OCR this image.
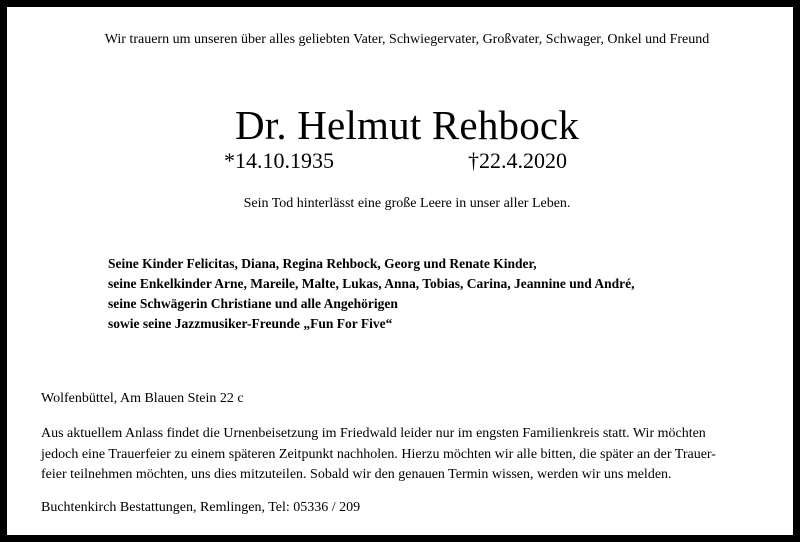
Wir trauern um unseren über alles geliebten Vater, Schwiegervater, Großvater, Schwager, Onkel und Freund
Dr. Helmut Rehbock
*14.10.1935	†22.4.2020
Sein Tod hinterlässt eine große Leere in unser aller Leben.
Seine Kinder Felicitas, Diana, Regina Rehbock, Georg und Renate Kinder,
seine Enkelkinder Arne, Mareile, Malte, Lukas, Anna, Tobias, Carina, Jeannine und André,
seine Schwägerin Christiane und alle Angehörigen
sowie seine Jazzmusiker-Freunde „Fun For Five“
Wolfenbüttel, Am Blauen Stein 22 c
Aus aktuellem Anlass findet die Urnenbeisetzung im Friedwald leider nur im engsten Familienkreis statt. Wir möchten
jedoch eine Trauerfeier zu einem späteren Zeitpunkt nachholen. Hierzu möchten wir alle bitten, die später an der Trauer-
feier teilnehmen möchten, uns dies mitzuteilen. Sobald wir den genauen Termin wissen, werden wir uns melden.
Buchtenkirch Bestattungen, Remlingen, Tel: 05336 / 209
